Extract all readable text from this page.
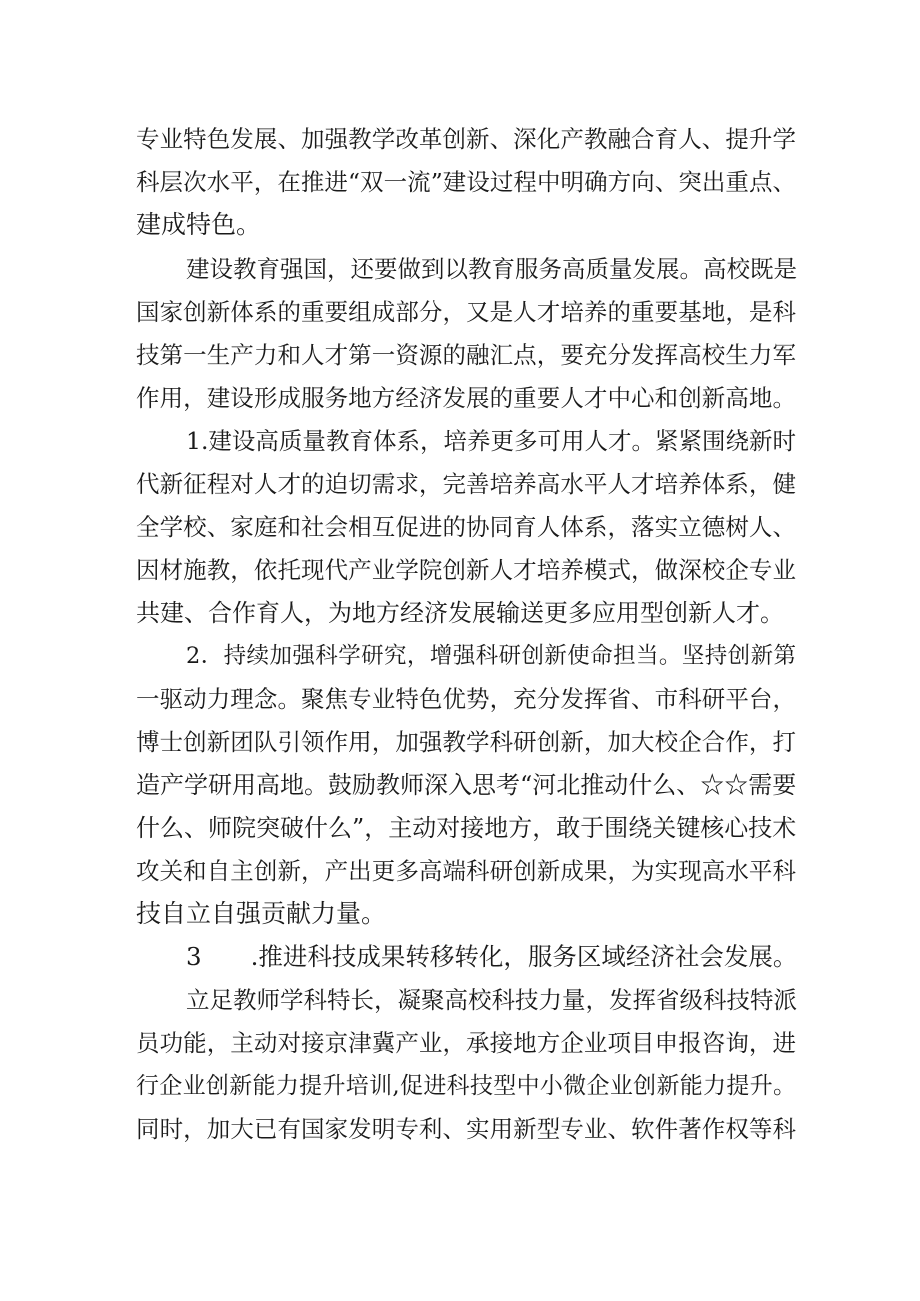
专业特色发展、加强教学改革创新、深化产教融合育人、提升学
科层次水平，在推进“双一流”建设过程中明确方向、突出重点、
建成特色。
建设教育强国，还要做到以教育服务高质量发展。高校既是
国家创新体系的重要组成部分，又是人才培养的重要基地，是科
技第一生产力和人才第一资源的融汇点，要充分发挥高校生力军
作用，建设形成服务地方经济发展的重要人才中心和创新高地。
1.建设高质量教育体系，培养更多可用人才。紧紧围绕新时
代新征程对人才的迫切需求，完善培养高水平人才培养体系，健
全学校、家庭和社会相互促进的协同育人体系，落实立德树人、
因材施教，依托现代产业学院创新人才培养模式，做深校企专业
共建、合作育人，为地方经济发展输送更多应用型创新人才。
2．持续加强科学研究，增强科研创新使命担当。坚持创新第
一驱动力理念。聚焦专业特色优势，充分发挥省、市科研平台，
博士创新团队引领作用，加强教学科研创新，加大校企合作，打
造产学研用高地。鼓励教师深入思考“河北推动什么、☆☆需要
什么、师院突破什么”，主动对接地方，敢于围绕关键核心技术
攻关和自主创新，产出更多高端科研创新成果，为实现高水平科
技自立自强贡献力量。
3　　.推进科技成果转移转化，服务区域经济社会发展。
立足教师学科特长，凝聚高校科技力量，发挥省级科技特派
员功能，主动对接京津冀产业，承接地方企业项目申报咨询，进
行企业创新能力提升培训,促进科技型中小微企业创新能力提升。
同时，加大已有国家发明专利、实用新型专业、软件著作权等科
